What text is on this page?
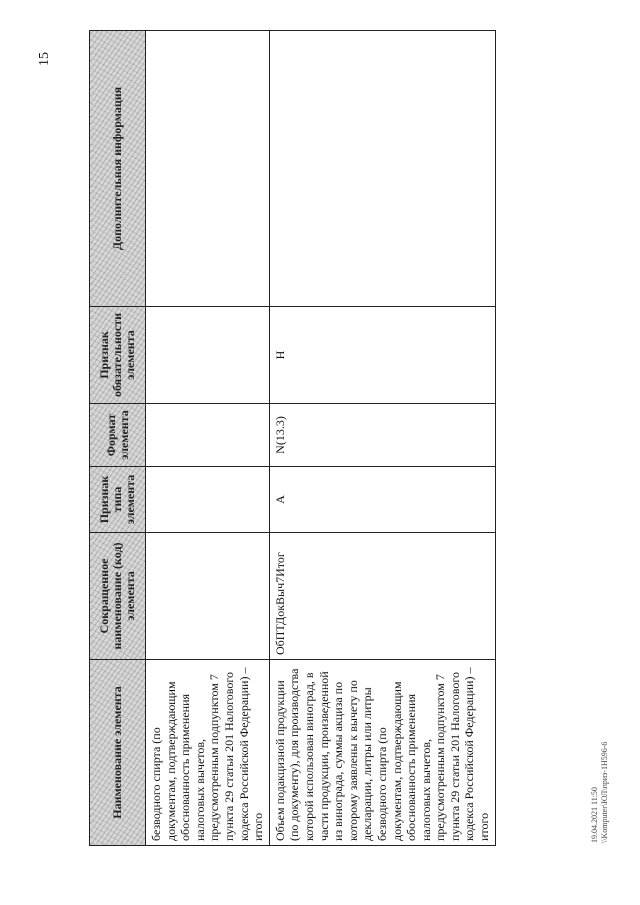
15
Наименование элемента	Сокращенное наименование (код) элемента	Признак типа элемента	Формат элемента	Признак обязательности элемента	Дополнительная информация
безводного спирта (по документам, подтверждающим обоснованность применения налоговых вычетов, предусмотренным подпунктом 7 пункта 29 статьи 201 Налогового кодекса Российской Федерации) – итого					
Объем подакцизной продукции (по документу), для производства которой использован виноград, в части продукции, произведенной из винограда, суммы акциза по которому заявлены к вычету по декларации, литры или литры безводного спирта (по документам, подтверждающим обоснованность применения налоговых вычетов, предусмотренным подпунктом 7 пункта 29 статьи 201 Налогового кодекса Российской Федерации) – итого	ОбПТДокВыч7Итог	А	N(13.3)	Н	
19.04.2021 11:50 \\Komputer\ЮЛ\приз-1Н596-6
